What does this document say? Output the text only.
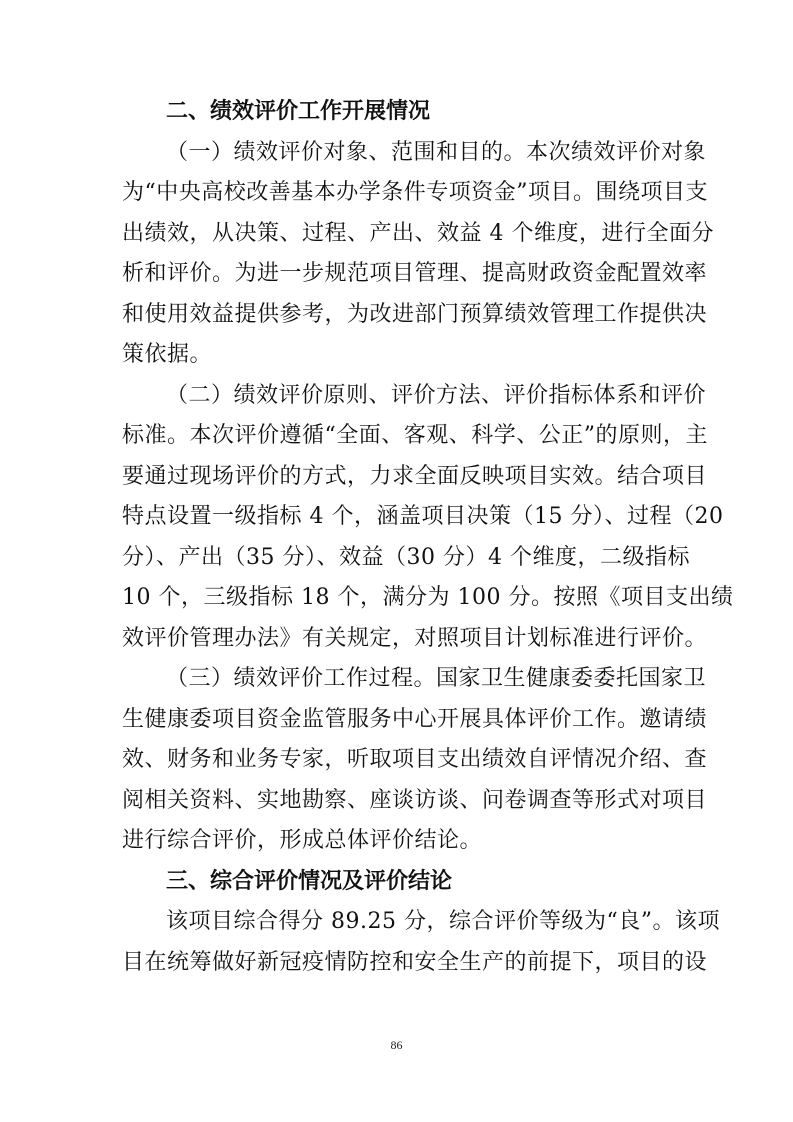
二、绩效评价工作开展情况
（一）绩效评价对象、范围和目的。本次绩效评价对象
为“中央高校改善基本办学条件专项资金”项目。围绕项目支
出绩效，从决策、过程、产出、效益 4 个维度，进行全面分
析和评价。为进一步规范项目管理、提高财政资金配置效率
和使用效益提供参考，为改进部门预算绩效管理工作提供决
策依据。
（二）绩效评价原则、评价方法、评价指标体系和评价
标准。本次评价遵循“全面、客观、科学、公正”的原则，主
要通过现场评价的方式，力求全面反映项目实效。结合项目
特点设置一级指标 4 个，涵盖项目决策（15 分）、过程（20
分）、产出（35 分）、效益（30 分）4 个维度，二级指标
10 个，三级指标 18 个，满分为 100 分。按照《项目支出绩
效评价管理办法》有关规定，对照项目计划标准进行评价。
（三）绩效评价工作过程。国家卫生健康委委托国家卫
生健康委项目资金监管服务中心开展具体评价工作。邀请绩
效、财务和业务专家，听取项目支出绩效自评情况介绍、查
阅相关资料、实地勘察、座谈访谈、问卷调查等形式对项目
进行综合评价，形成总体评价结论。
三、综合评价情况及评价结论
该项目综合得分 89.25 分，综合评价等级为“良”。该项
目在统筹做好新冠疫情防控和安全生产的前提下，项目的设
86
